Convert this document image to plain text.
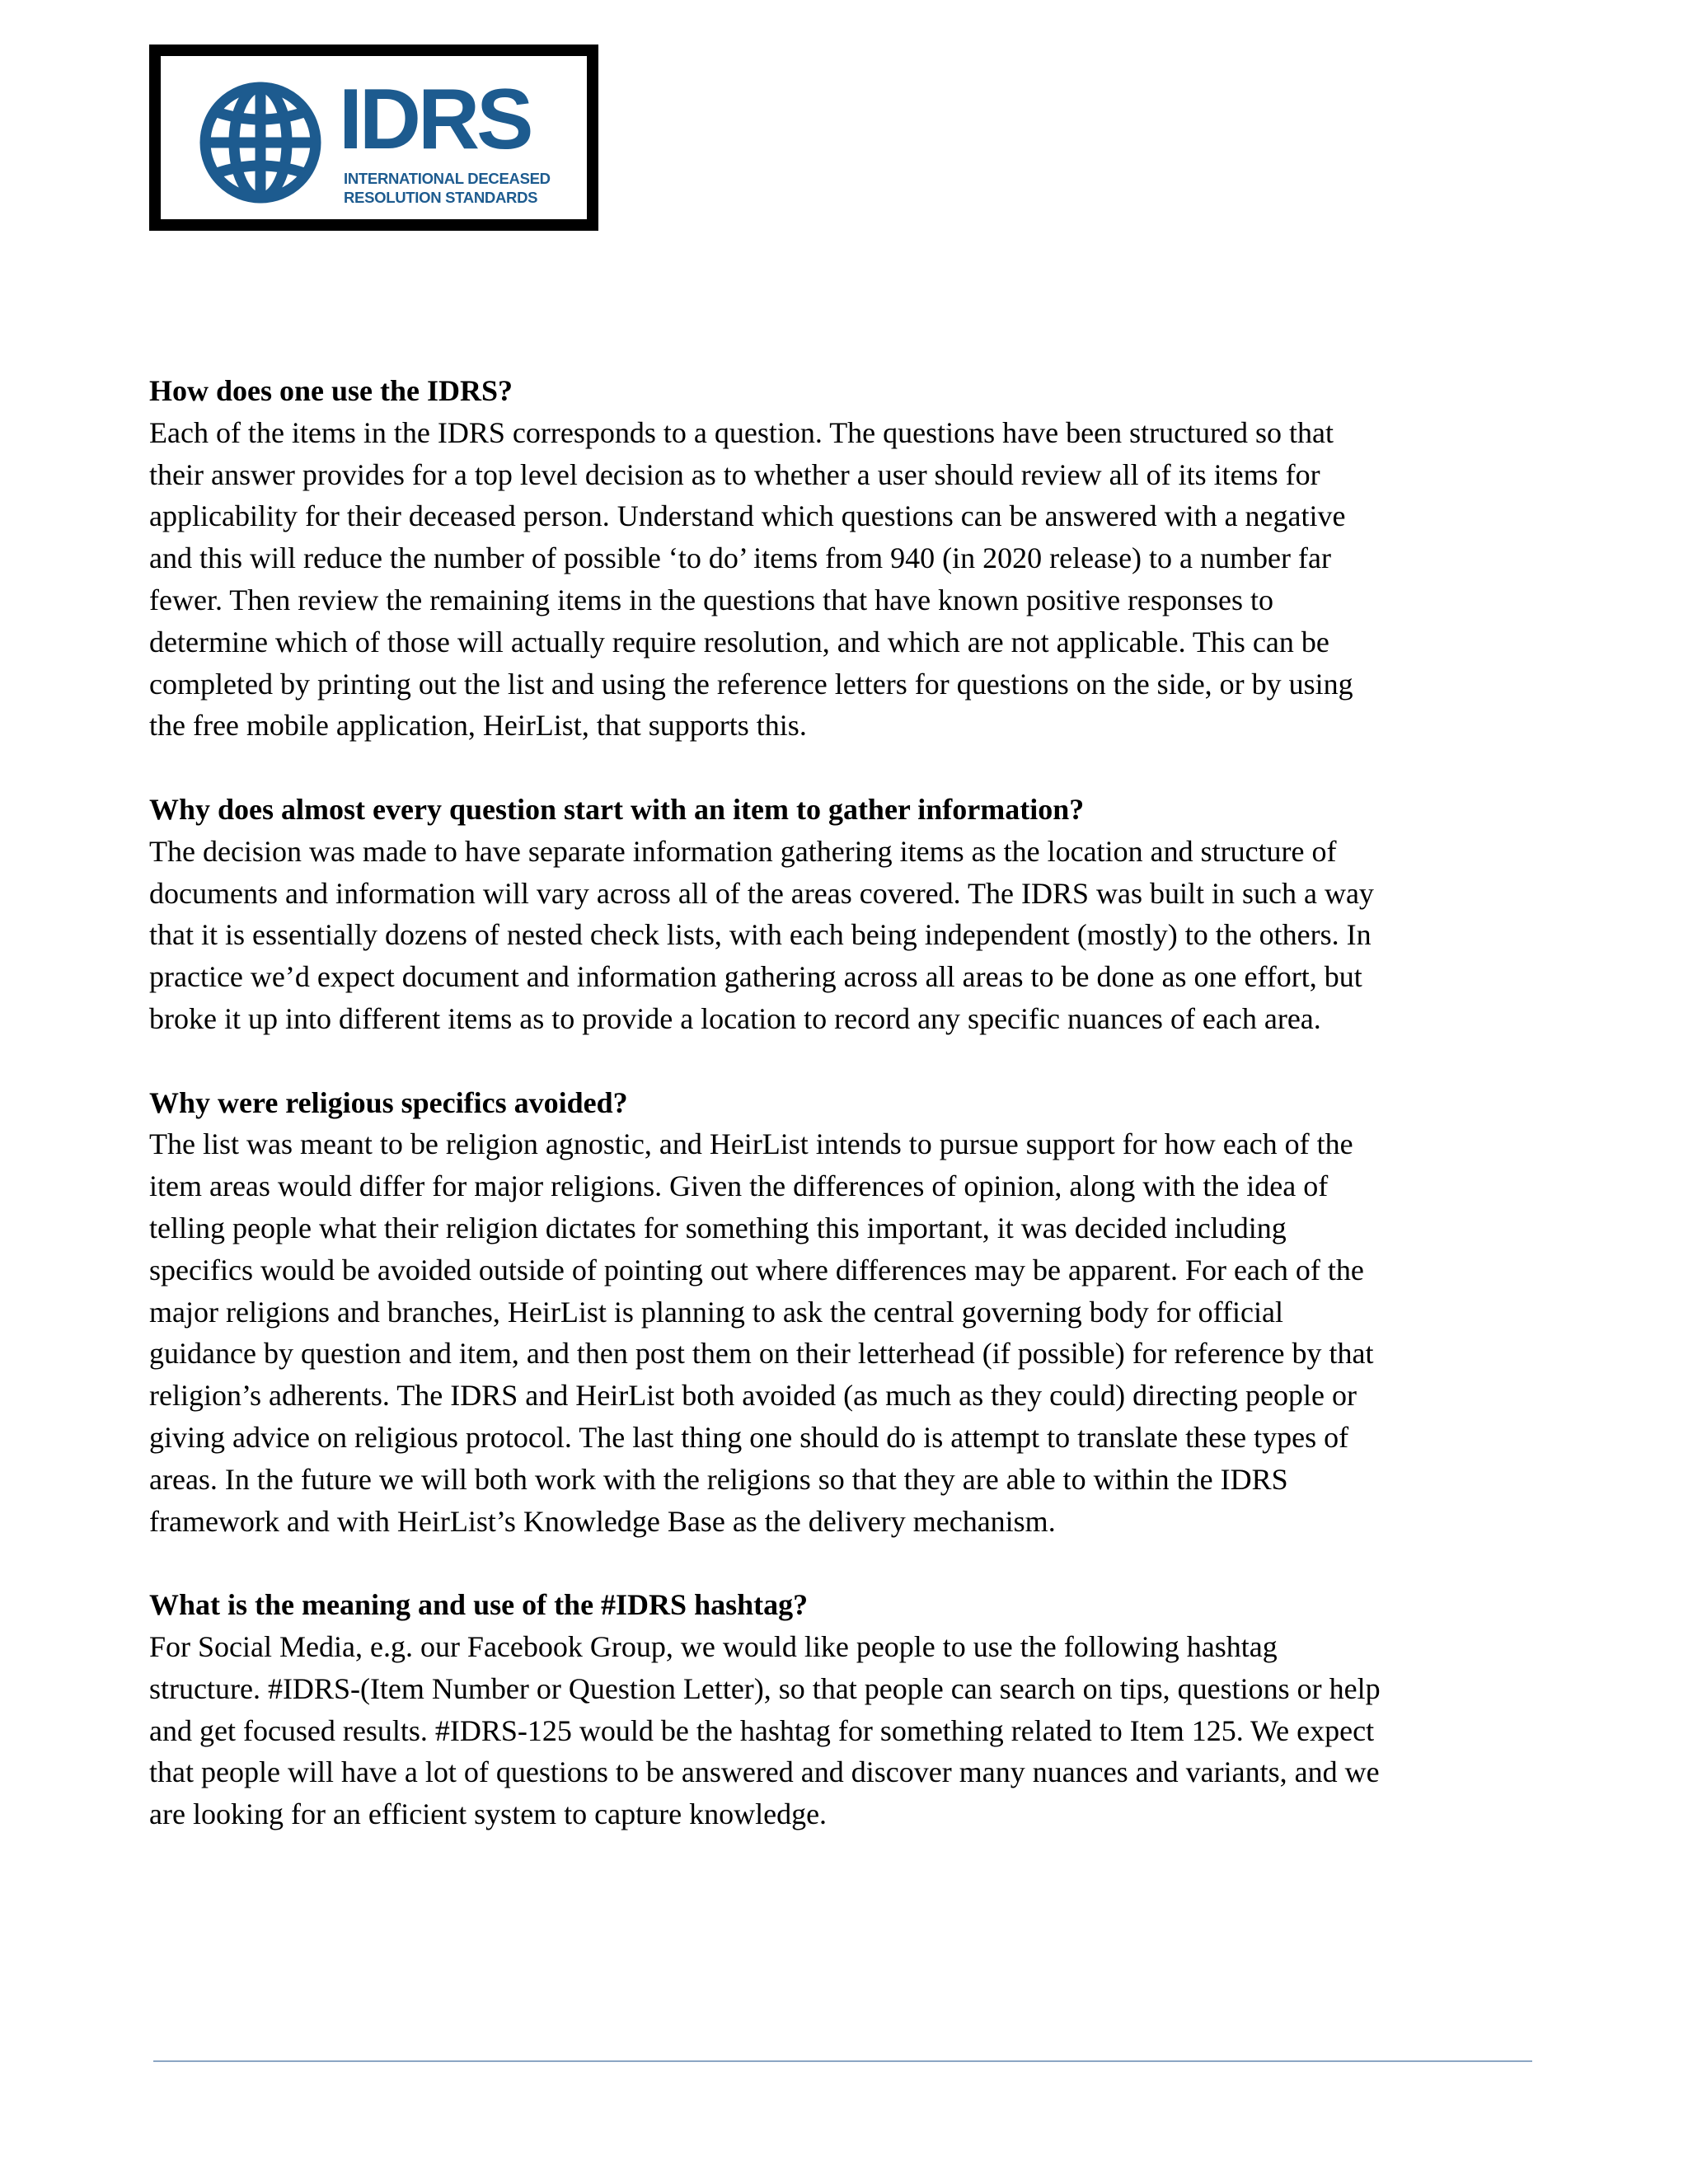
IDRS
INTERNATIONAL DECEASED
RESOLUTION STANDARDS

How does one use the IDRS?

Each of the items in the IDRS corresponds to a question. The questions have been structured so that

their answer provides for a top level decision as to whether a user should review all of its items for

applicability for their deceased person. Understand which questions can be answered with a negative

and this will reduce the number of possible ‘to do’ items from 940 (in 2020 release) to a number far

fewer. Then review the remaining items in the questions that have known positive responses to

determine which of those will actually require resolution, and which are not applicable. This can be

completed by printing out the list and using the reference letters for questions on the side, or by using

the free mobile application, HeirList, that supports this.

Why does almost every question start with an item to gather information?

The decision was made to have separate information gathering items as the location and structure of

documents and information will vary across all of the areas covered. The IDRS was built in such a way

that it is essentially dozens of nested check lists, with each being independent (mostly) to the others. In

practice we’d expect document and information gathering across all areas to be done as one effort, but

broke it up into different items as to provide a location to record any specific nuances of each area.

Why were religious specifics avoided?

The list was meant to be religion agnostic, and HeirList intends to pursue support for how each of the

item areas would differ for major religions. Given the differences of opinion, along with the idea of

telling people what their religion dictates for something this important, it was decided including

specifics would be avoided outside of pointing out where differences may be apparent. For each of the

major religions and branches, HeirList is planning to ask the central governing body for official

guidance by question and item, and then post them on their letterhead (if possible) for reference by that

religion’s adherents. The IDRS and HeirList both avoided (as much as they could) directing people or

giving advice on religious protocol. The last thing one should do is attempt to translate these types of

areas. In the future we will both work with the religions so that they are able to within the IDRS

framework and with HeirList’s Knowledge Base as the delivery mechanism.

What is the meaning and use of the #IDRS hashtag?

For Social Media, e.g. our Facebook Group, we would like people to use the following hashtag

structure. #IDRS-(Item Number or Question Letter), so that people can search on tips, questions or help

and get focused results. #IDRS-125 would be the hashtag for something related to Item 125. We expect

that people will have a lot of questions to be answered and discover many nuances and variants, and we

are looking for an efficient system to capture knowledge.
